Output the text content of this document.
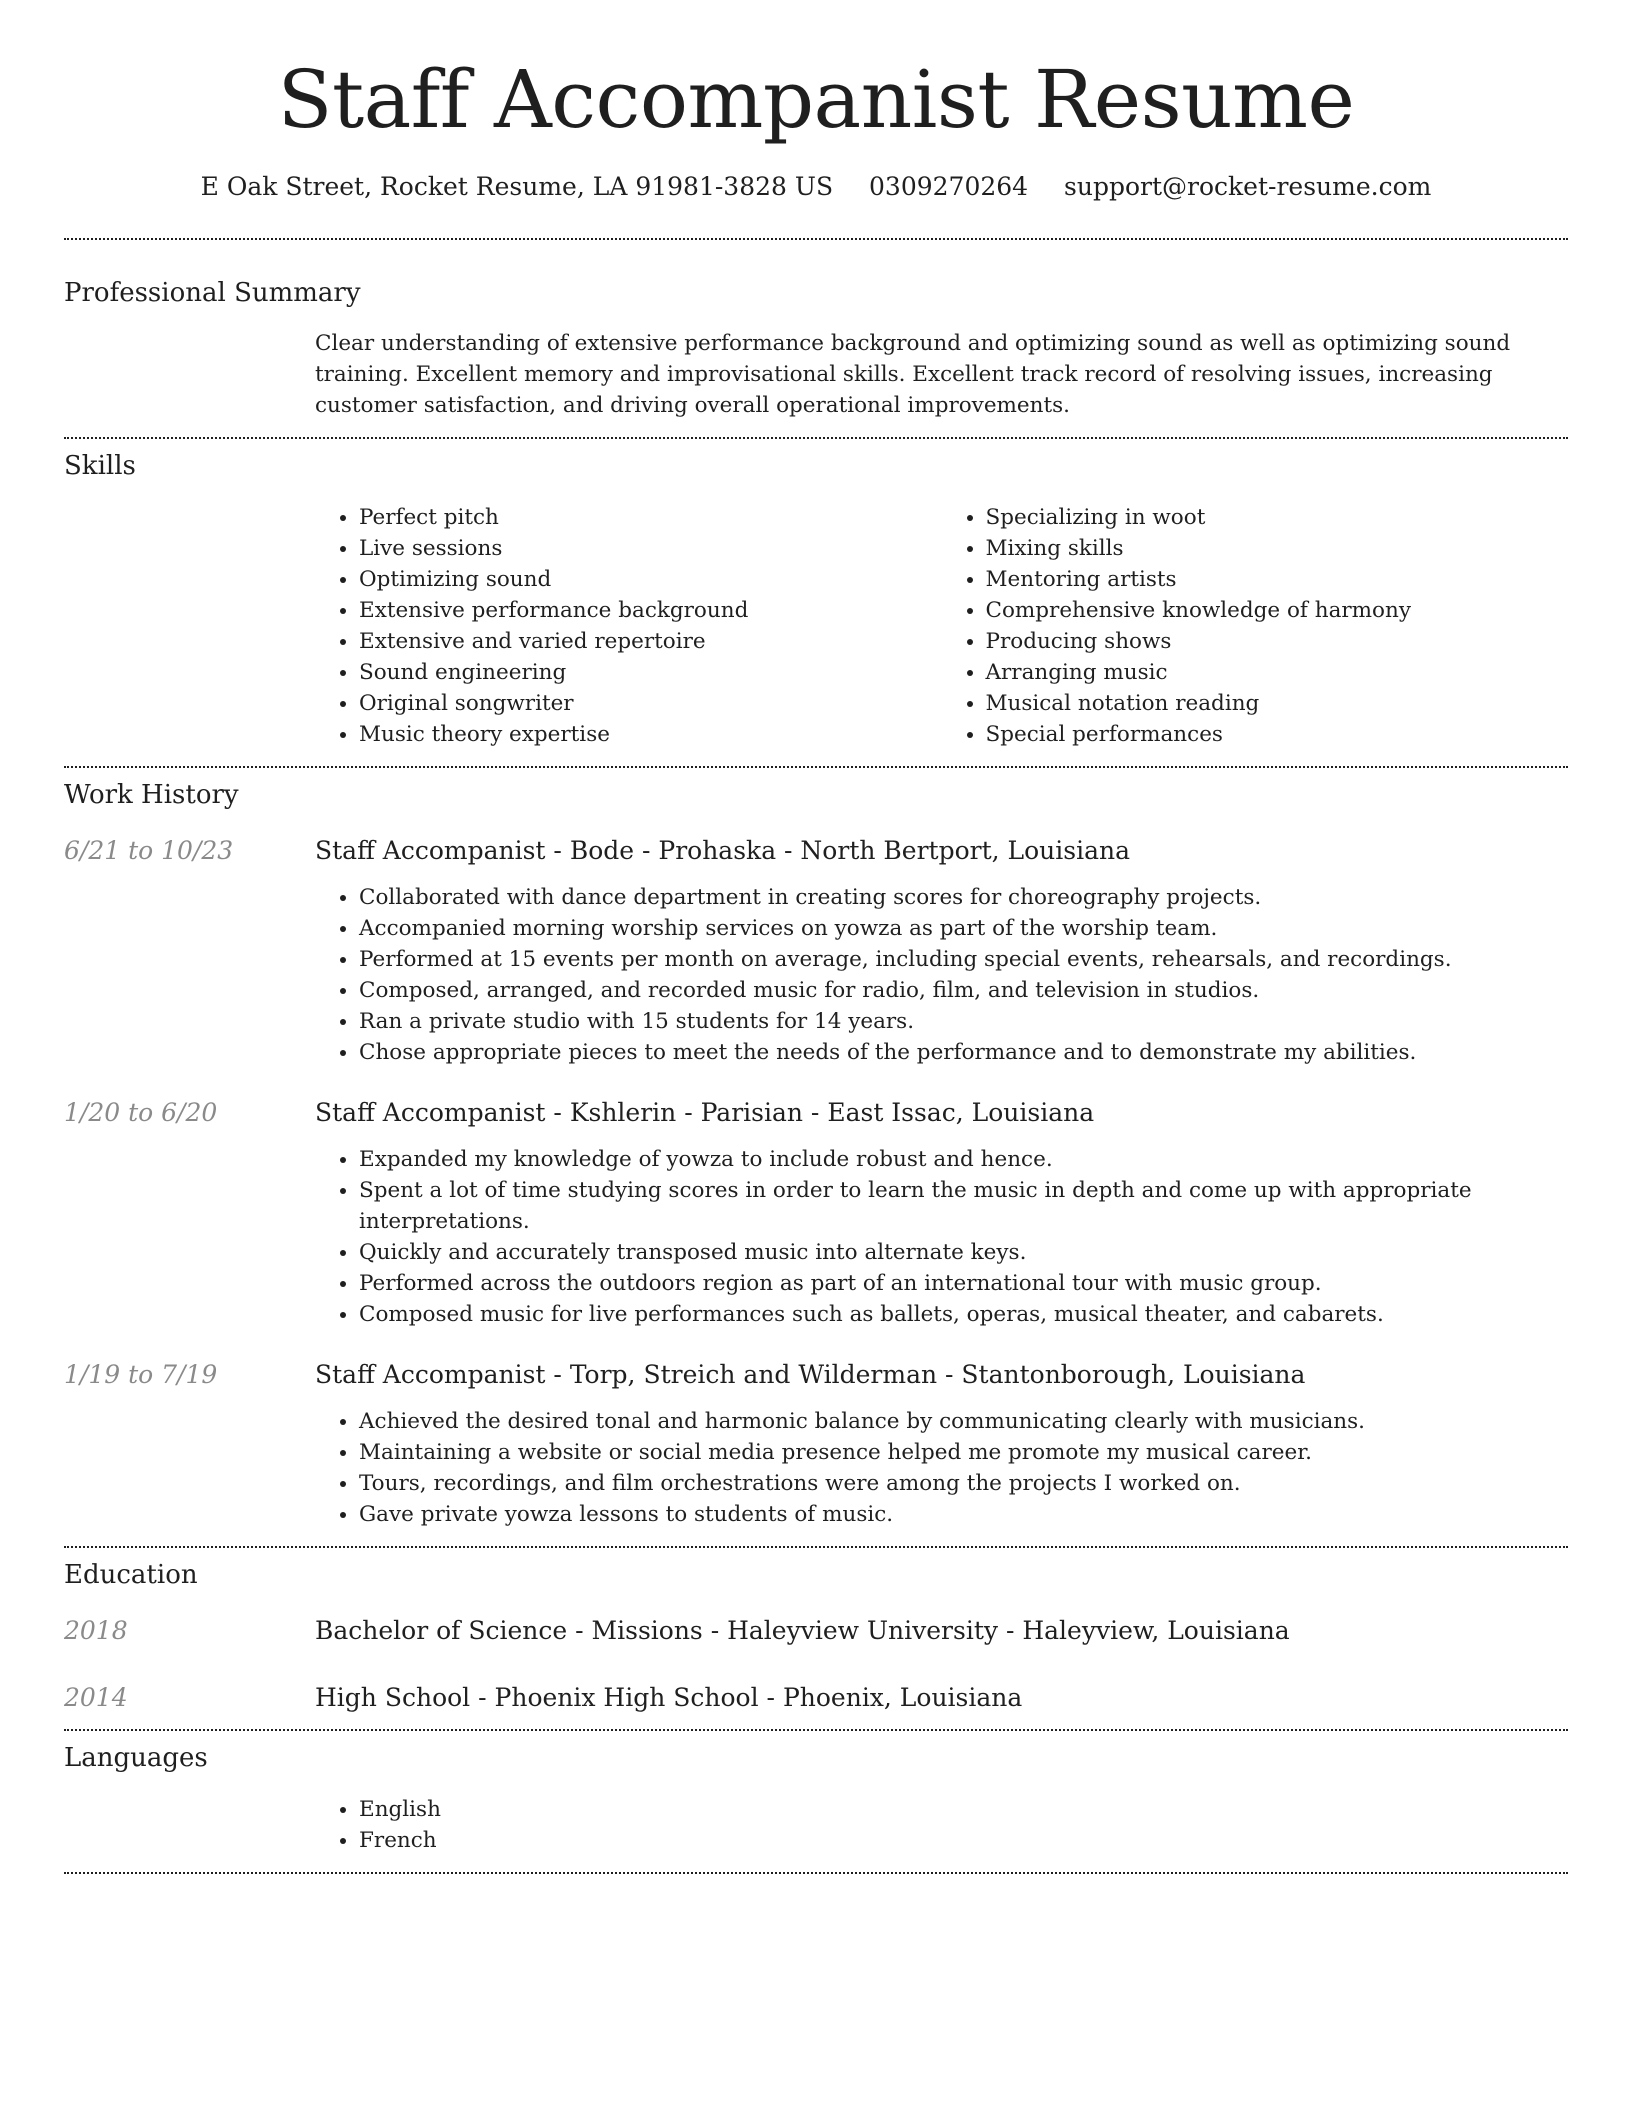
Staff Accompanist Resume
E Oak Street, Rocket Resume, LA 91981-3828 US 0309270264 support@rocket-resume.com
Professional Summary
Clear understanding of extensive performance background and optimizing sound as well as optimizing sound training. Excellent memory and improvisational skills. Excellent track record of resolving issues, increasing customer satisfaction, and driving overall operational improvements.
Skills
• Perfect pitch
• Live sessions
• Optimizing sound
• Extensive performance background
• Extensive and varied repertoire
• Sound engineering
• Original songwriter
• Music theory expertise
• Specializing in woot
• Mixing skills
• Mentoring artists
• Comprehensive knowledge of harmony
• Producing shows
• Arranging music
• Musical notation reading
• Special performances
Work History
6/21 to 10/23	Staff Accompanist - Bode - Prohaska - North Bertport, Louisiana
• Collaborated with dance department in creating scores for choreography projects.
• Accompanied morning worship services on yowza as part of the worship team.
• Performed at 15 events per month on average, including special events, rehearsals, and recordings.
• Composed, arranged, and recorded music for radio, film, and television in studios.
• Ran a private studio with 15 students for 14 years.
• Chose appropriate pieces to meet the needs of the performance and to demonstrate my abilities.
1/20 to 6/20	Staff Accompanist - Kshlerin - Parisian - East Issac, Louisiana
• Expanded my knowledge of yowza to include robust and hence.
• Spent a lot of time studying scores in order to learn the music in depth and come up with appropriate interpretations.
• Quickly and accurately transposed music into alternate keys.
• Performed across the outdoors region as part of an international tour with music group.
• Composed music for live performances such as ballets, operas, musical theater, and cabarets.
1/19 to 7/19	Staff Accompanist - Torp, Streich and Wilderman - Stantonborough, Louisiana
• Achieved the desired tonal and harmonic balance by communicating clearly with musicians.
• Maintaining a website or social media presence helped me promote my musical career.
• Tours, recordings, and film orchestrations were among the projects I worked on.
• Gave private yowza lessons to students of music.
Education
2018	Bachelor of Science - Missions - Haleyview University - Haleyview, Louisiana
2014	High School - Phoenix High School - Phoenix, Louisiana
Languages
• English
• French
